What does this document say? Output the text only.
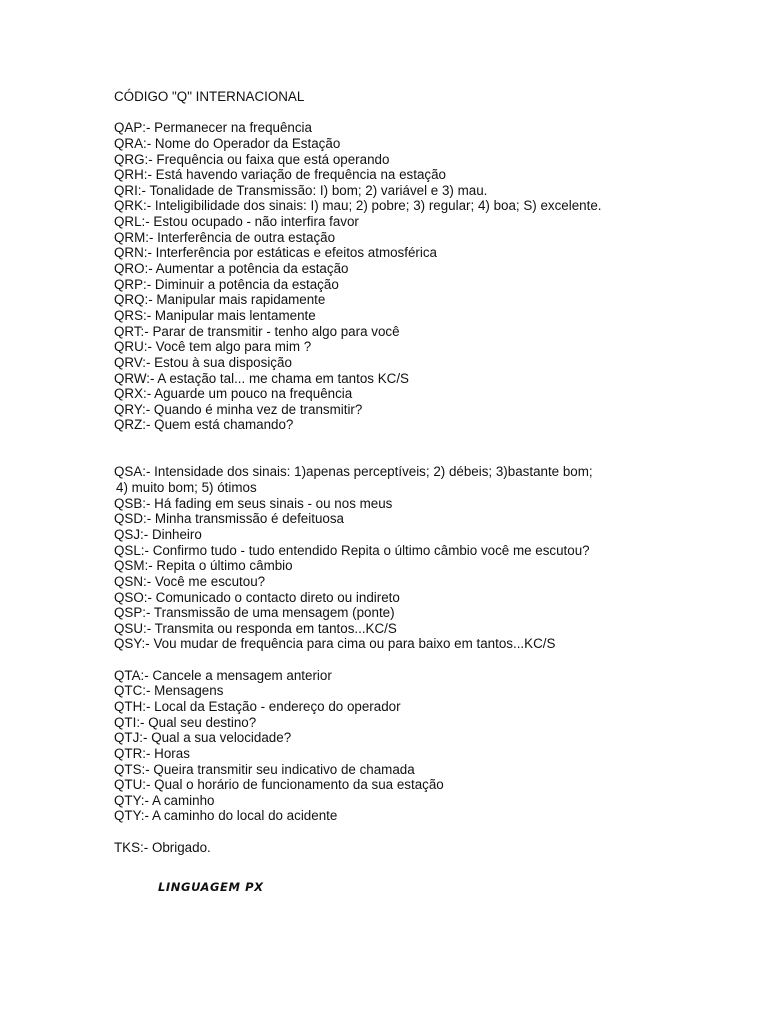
CÓDIGO "Q" INTERNACIONAL
QAP:- Permanecer na frequência
QRA:- Nome do Operador da Estação
QRG:- Frequência ou faixa que está operando
QRH:- Está havendo variação de frequência na estação
QRI:- Tonalidade de Transmissão: I) bom; 2) variável e 3) mau.
QRK:- Inteligibilidade dos sinais: I) mau; 2) pobre; 3) regular; 4) boa; S) excelente.
QRL:- Estou ocupado - não interfira favor
QRM:- Interferência de outra estação
QRN:- Interferência por estáticas e efeitos atmosférica
QRO:- Aumentar a potência da estação
QRP:- Diminuir a potência da estação
QRQ:- Manipular mais rapidamente
QRS:- Manipular mais lentamente
QRT:- Parar de transmitir - tenho algo para você
QRU:- Você tem algo para mim ?
QRV:- Estou à sua disposição
QRW:- A estação tal... me chama em tantos KC/S
QRX:- Aguarde um pouco na frequência
QRY:- Quando é minha vez de transmitir?
QRZ:- Quem está chamando?
QSA:- Intensidade dos sinais: 1)apenas perceptíveis; 2) débeis; 3)bastante bom;
4) muito bom; 5) ótimos
QSB:- Há fading em seus sinais - ou nos meus
QSD:- Minha transmissão é defeituosa
QSJ:- Dinheiro
QSL:- Confirmo tudo - tudo entendido Repita o último câmbio você me escutou?
QSM:- Repita o último câmbio
QSN:- Você me escutou?
QSO:- Comunicado o contacto direto ou indireto
QSP:- Transmissão de uma mensagem (ponte)
QSU:- Transmita ou responda em tantos...KC/S
QSY:- Vou mudar de frequência para cima ou para baixo em tantos...KC/S
QTA:- Cancele a mensagem anterior
QTC:- Mensagens
QTH:- Local da Estação - endereço do operador
QTI:- Qual seu destino?
QTJ:- Qual a sua velocidade?
QTR:- Horas
QTS:- Queira transmitir seu indicativo de chamada
QTU:- Qual o horário de funcionamento da sua estação
QTY:- A caminho
QTY:- A caminho do local do acidente
TKS:- Obrigado.
LINGUAGEM PX
